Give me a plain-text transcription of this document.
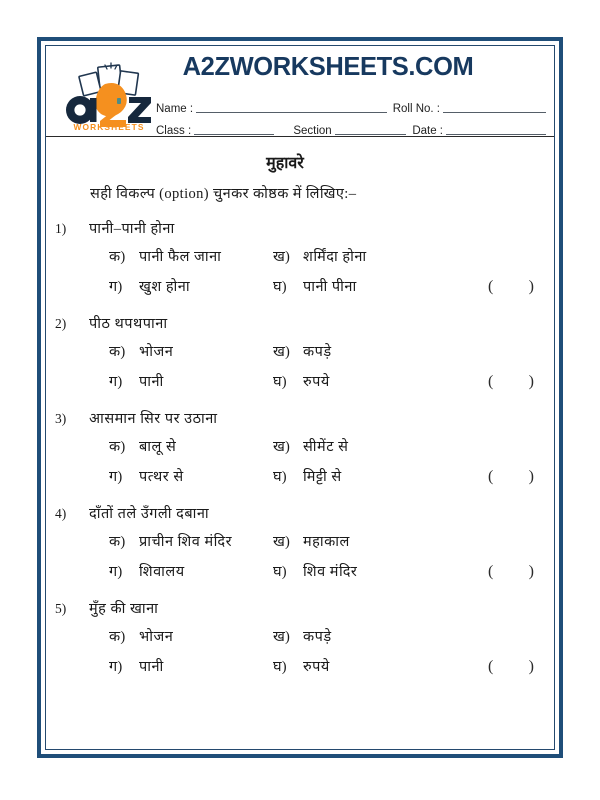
WORKSHEETS
A2ZWORKSHEETS.COM
Name :	Roll No. :
Class :	Section	Date :
मुहावरे
सही विकल्प (option) चुनकर कोष्ठक में लिखिए:–
1)	पानी–पानी होना
क) पानी फैल जाना	ख) शर्मिंदा होना
ग)	खुश होना	घ)	पानी पीना	( )
2)	पीठ थपथपाना
क) भोजन	ख) कपड़े
ग)	पानी	घ)	रुपये	( )
3)	आसमान सिर पर उठाना
क) बालू से	ख) सीमेंट से
ग)	पत्थर से	घ)	मिट्टी से	( )
4)	दाँतों तले उँगली दबाना
क) प्राचीन शिव मंदिर	ख) महाकाल
ग)	शिवालय	घ)	शिव मंदिर	( )
5)	मुँह की खाना
क) भोजन	ख) कपड़े
ग)	पानी	घ)	रुपये	( )
